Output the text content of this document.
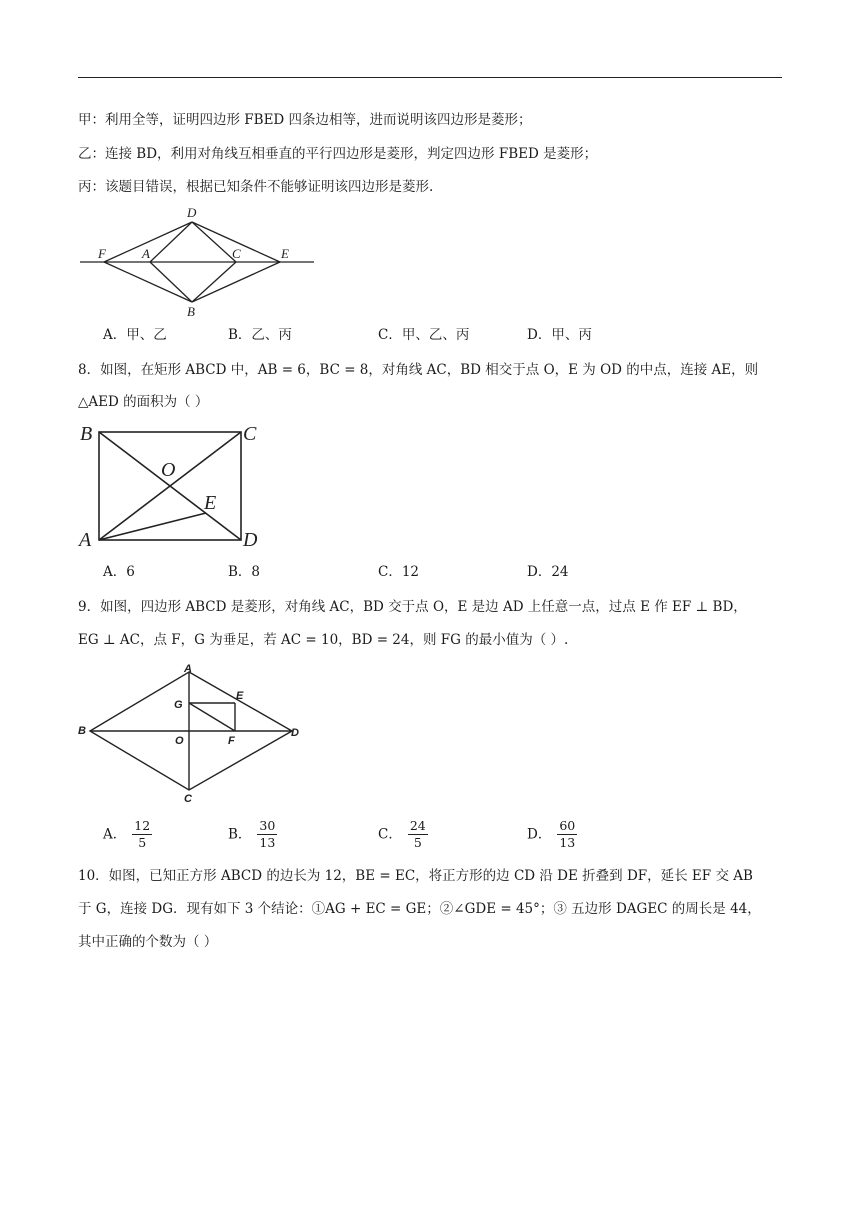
甲：利用全等，证明四边形 FBED 四条边相等，进而说明该四边形是菱形；
乙：连接 BD，利用对角线互相垂直的平行四边形是菱形，判定四边形 FBED 是菱形；
丙：该题目错误，根据已知条件不能够证明该四边形是菱形.
D
F	A	C	E
B
A．甲、乙	B．乙、丙	C．甲、乙、丙	D．甲、丙
8．如图，在矩形 ABCD 中，AB = 6，BC = 8，对角线 AC，BD 相交于点 O，E 为 OD 的中点，连接 AE，则
△AED 的面积为（ ）
B	C
O
E
A	D
A．6	B．8	C．12	D．24
9．如图，四边形 ABCD 是菱形，对角线 AC，BD 交于点 O，E 是边 AD 上任意一点，过点 E 作 EF ⊥ BD，
EG ⊥ AC，点 F，G 为垂足，若 AC = 10，BD = 24，则 FG 的最小值为（ ）.
A
E
G
B
O	F
D
C
A． $\frac{12}{5}$	B． $\frac{30}{13}$	C． $\frac{24}{5}$	D． $\frac{60}{13}$
10．如图，已知正方形 ABCD 的边长为 12，BE = EC，将正方形的边 CD 沿 DE 折叠到 DF，延长 EF 交 AB
于 G，连接 DG．现有如下 3 个结论：①AG + EC = GE；②∠GDE = 45°；③ 五边形 DAGEC 的周长是 44，
其中正确的个数为（ ）
